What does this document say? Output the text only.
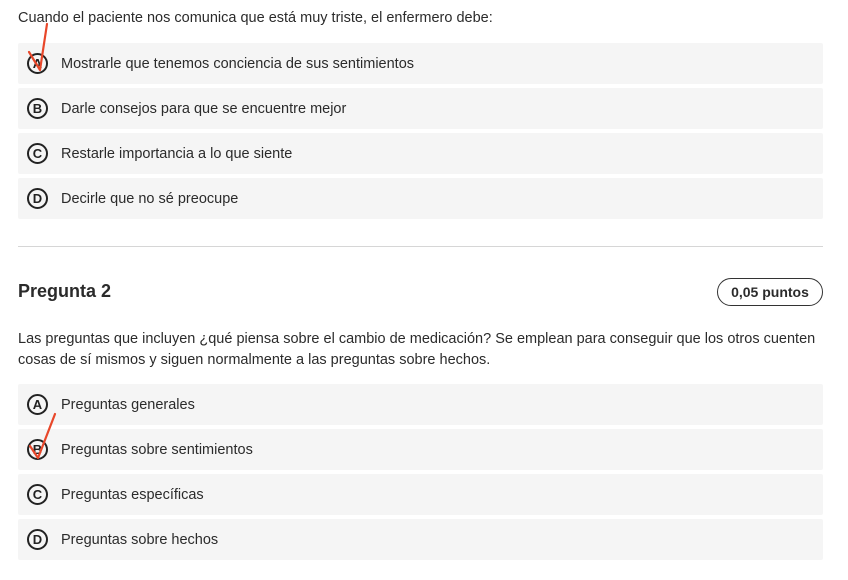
Cuando el paciente nos comunica que está muy triste, el enfermero debe:

A	Mostrarle que tenemos conciencia de sus sentimientos
B	Darle consejos para que se encuentre mejor
C	Restarle importancia a lo que siente
D	Decirle que no sé preocupe
Pregunta 2	0,05 puntos

Las preguntas que incluyen ¿qué piensa sobre el cambio de medicación? Se emplean para conseguir que los otros cuenten cosas de sí mismos y siguen normalmente a las preguntas sobre hechos.

A	Preguntas generales
B	Preguntas sobre sentimientos
C	Preguntas específicas
D	Preguntas sobre hechos
